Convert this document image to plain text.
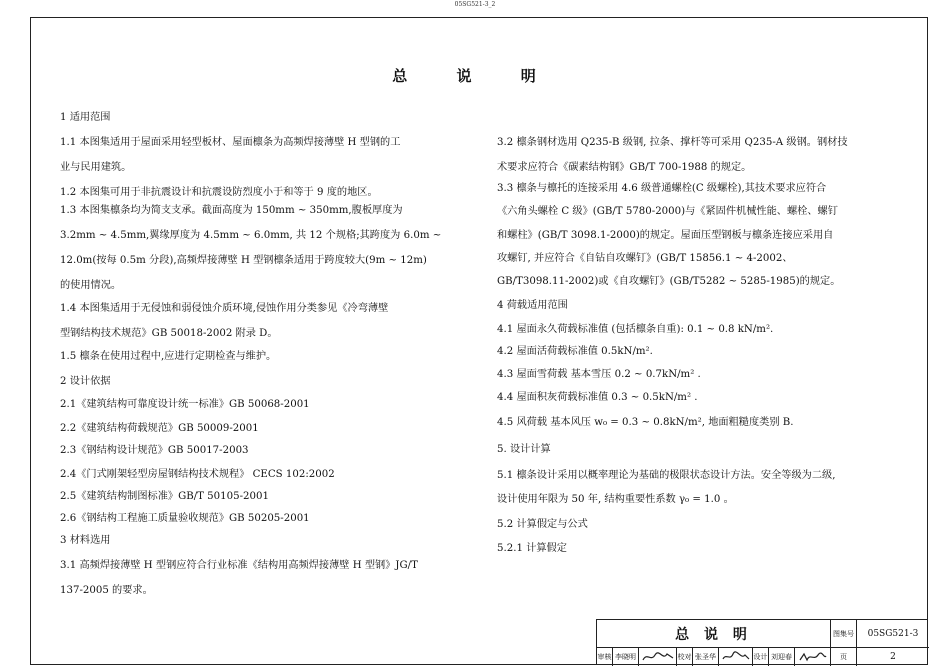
05SG521-3_2
总 说 明
1 适用范围
1.1 本图集适用于屋面采用轻型板材、屋面檩条为高频焊接薄壁 H 型钢的工
业与民用建筑。
1.2 本图集可用于非抗震设计和抗震设防烈度小于和等于 9 度的地区。
1.3 本图集檩条均为简支支承。截面高度为 150mm ~ 350mm,腹板厚度为
3.2mm ~ 4.5mm,翼缘厚度为 4.5mm ~ 6.0mm, 共 12 个规格;其跨度为 6.0m ~
12.0m(按每 0.5m 分段),高频焊接薄壁 H 型钢檩条适用于跨度较大(9m ~ 12m)
的使用情况。
1.4 本图集适用于无侵蚀和弱侵蚀介质环境,侵蚀作用分类参见《冷弯薄壁
型钢结构技术规范》GB 50018-2002 附录 D。
1.5 檩条在使用过程中,应进行定期检查与维护。
2 设计依据
2.1《建筑结构可靠度设计统一标准》GB 50068-2001
2.2《建筑结构荷载规范》GB 50009-2001
2.3《钢结构设计规范》GB 50017-2003
2.4《门式刚架轻型房屋钢结构技术规程》 CECS 102:2002
2.5《建筑结构制图标准》GB/T 50105-2001
2.6《钢结构工程施工质量验收规范》GB 50205-2001
3 材料选用
3.1 高频焊接薄壁 H 型钢应符合行业标准《结构用高频焊接薄壁 H 型钢》JG/T
137-2005 的要求。
3.2 檩条钢材选用 Q235-B 级钢, 拉条、撑杆等可采用 Q235-A 级钢。钢材技
术要求应符合《碳素结构钢》GB/T 700-1988 的规定。
3.3 檩条与檩托的连接采用 4.6 级普通螺栓(C 级螺栓),其技术要求应符合
《六角头螺栓 C 级》(GB/T 5780-2000)与《紧固件机械性能、螺栓、螺钉
和螺柱》(GB/T 3098.1-2000)的规定。屋面压型钢板与檩条连接应采用自
攻螺钉, 并应符合《自钻自攻螺钉》(GB/T 15856.1 ~ 4-2002、
GB/T3098.11-2002)或《自攻螺钉》(GB/T5282 ~ 5285-1985)的规定。
4 荷载适用范围
4.1 屋面永久荷载标准值 (包括檩条自重): 0.1 ~ 0.8 kN/m².
4.2 屋面活荷载标准值 0.5kN/m².
4.3 屋面雪荷载 基本雪压 0.2 ~ 0.7kN/m² .
4.4 屋面积灰荷载标准值 0.3 ~ 0.5kN/m² .
4.5 风荷载 基本风压 w₀ = 0.3 ~ 0.8kN/m², 地面粗糙度类别 B.
5. 设计计算
5.1 檩条设计采用以概率理论为基础的极限状态设计方法。安全等级为二级,
设计使用年限为 50 年, 结构重要性系数 γ₀ = 1.0 。
5.2 计算假定与公式
5.2.1 计算假定
总 说 明	图集号	05SG521-3
审核 李晓明	校对 张圣华	设计 刘迎春	页	2
